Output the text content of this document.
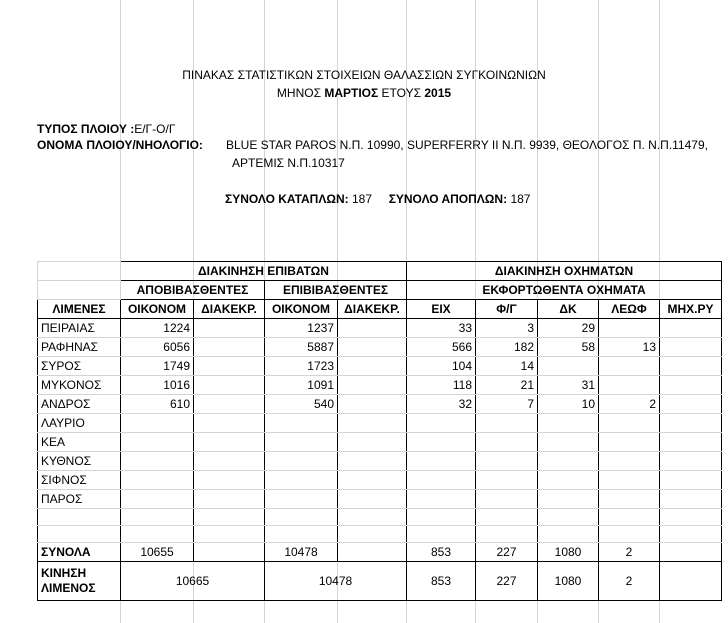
ΠΙΝΑΚΑΣ ΣΤΑΤΙΣΤΙΚΩΝ ΣΤΟΙΧΕΙΩΝ ΘΑΛΑΣΣΙΩΝ ΣΥΓΚΟΙΝΩΝΙΩΝ
ΜΗΝΟΣ ΜΑΡΤΙΟΣ ΕΤΟΥΣ 2015
ΤΥΠΟΣ ΠΛΟΙΟΥ :Ε/Γ-Ο/Γ
ΟΝΟΜΑ ΠΛΟΙΟΥ/ΝΗΟΛΟΓΙΟ: BLUE STAR PAROS Ν.Π. 10990, SUPERFERRY II Ν.Π. 9939, ΘΕΟΛΟΓΟΣ Π. Ν.Π.11479,
ΑΡΤΕΜΙΣ Ν.Π.10317
ΣΥΝΟΛΟ ΚΑΤΑΠΛΩΝ: 187 ΣΥΝΟΛΟ ΑΠΟΠΛΩΝ: 187
	ΔΙΑΚΙΝΗΣΗ ΕΠΙΒΑΤΩΝ				ΔΙΑΚΙΝΗΣΗ ΟΧΗΜΑΤΩΝ				
	ΑΠΟΒΙΒΑΣΘΕΝΤΕΣ		ΕΠΙΒΙΒΑΣΘΕΝΤΕΣ		ΕΚΦΟΡΤΩΘΕΝΤΑ ΟΧΗΜΑΤΑ				
ΛΙΜΕΝΕΣ	ΟΙΚΟΝΟΜ	ΔΙΑΚΕΚΡ.	ΟΙΚΟΝΟΜ	ΔΙΑΚΕΚΡ.	ΕΙΧ	Φ/Γ	ΔΚ	ΛΕΩΦ	ΜΗΧ.ΡΥ
ΠΕΙΡΑΙΑΣ	1224		1237		33	3	29		
ΡΑΦΗΝΑΣ	6056		5887		566	182	58	13	
ΣΥΡΟΣ	1749		1723		104	14			
ΜΥΚΟΝΟΣ	1016		1091		118	21	31		
ΑΝΔΡΟΣ	610		540		32	7	10	2	
ΛΑΥΡΙΟ									
ΚΕΑ									
ΚΥΘΝΟΣ									
ΣΙΦΝΟΣ									
ΠΑΡΟΣ									

ΣΥΝΟΛΑ	10655		10478		853	227	1080	2	

ΚΙΝΗΣΗ
ΛΙΜΕΝΟΣ	10665		10478		853	227	1080	2	
